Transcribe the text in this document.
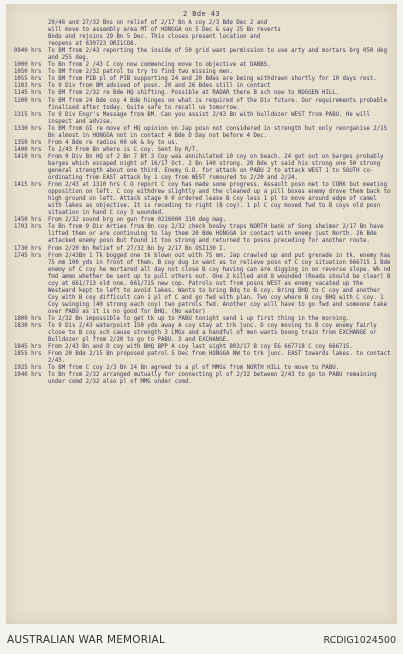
2 Bde 43
29/46 and 27/32 Bns on relief of 2/17 Bn A coy 2/3 Bde Dec 2 and
will move to assembly area MT of HONGGA on 5 Dec & say 25 Bn reverts
Bndo and rejoins 29 Bn 5 Dec. This closes present location and
reopens at 639723 ORI1CO8.
0940 hrs	To BM from 2/43 reporting the inside of 50 grid want permission to use arty and mortars brg 050 deg and 255 deg.
1000 hrs	To Bn from 2 /43 C coy now commencing move to objective at DANBS.
1050 hrs	To BM from 2/32 patrol to try to find two missing men.
1055 hrs	To BM from PIB pl of PIB supporting 24 and 20 Bdes are being withdrawn shortly for 10 days rest.
1103 hrs	To 9 Div from BM advised of posn. 20 and 26 Bdes still in contact
1145 hrs	To BM from 2/32 re Bde HQ shifting. Possible at RADAR there B sch now to NOGGEN HILL.
1200 hrs	To BM from 24 Bde coy 4 Bde hinges on what is required of the Div future. Our requirements probable finalised after today. Guite safe to recall us tomorrow.
1315 hrs	To 9 Div Engr's Message from BM. Can you assist 2/43 Bn with bulldozer WEST from PABU. He will inspect and advise.
1330 hrs	To BM from GI re move of HQ opinion on Jap posn not considered in strength but only reorganise 2/15 Bn almost in HONGGA not in contact 4 Bde D Day not before 4 Dec.
1350 hrs	From 4 Bde re radios 00 ok & by to us.
1400 hrs	To 2/43 From Bn where is C coy. Sent by R/T.
1410 hrs	From 9 Div Bn HQ of 2 Bn 7 Bt 3 Coy was annihilated 10 coy on beach. 24 got out on barges probably barges which escaped night of 16/17 Oct. 2 Bn 140 strong. 20 Bde yt said his strong one 50 strong general strength about one third. Enemy G.O. for attack on PABU 2 to attack WEST 1 to SOUTH co-ordinating from EAST attack by 1 coy from WEST rumoured to 2/20 and 2/24.
1415 hrs	From 2/43 at 1310 hrs C O report C coy has made some progress. Assault posn met to CORK but meeting opposition on left. C coy withdrew slightly and the cleaned up a pill boxes enemy drove them back to high ground on left. Attack stage 0 0 ordered lease B Coy less 1 pl to move around edge of camel with lakes as objective. It is receding to right (B coy). 1 pl C coy moved fwd to B coys old posn situation in hand C coy 3 wounded.
1450 hrs	From 2/32 sound brg on gun from 0216000 310 deg mag.
1703 hrs	To Bn from 9 Div Arties from Bn coy 2/32 check booby traps NORTH bank of Song sheimer 2/17 Bn have lifted them or are continuing to lay them 20 Bde HONGGA in contact with enemy just North. 26 Bde attacked enemy posn But found it too strong and returned to posns preceding for another route.
1730 hrs	From 2/20 Bn Relief of 27/32 Bn by 2/17 Bn OSI130 I.
1745 hrs	From 2/43Bn 1 Tk bogged one tk blown out with 75 mm. Jap crawled up and put grenade in tk. enemy has 75 mm 100 yds in front of them. B coy dug in want as to relieve posn of C coy situation 666715 1 Bde enemy of C coy he mortared all day not close B coy having can are digging in on reverse slope. Wk nd fmd ammo whether be sent up to pull others out. One 2 killed and 8 wounded (Roads should be clear) B coy at 661/713 old one. 661/715 new cop. Patrols out from posns WEST as enemy vacated up the Westward kept to left to avoid lakes. Wants to bring Bdq to B coy. Bring BHQ to C coy and another Coy with B coy difficult can 1 pl of C and go fwd with plan. Two coy where B coy BHQ with C coy. 1 Coy swinging (40 strong each coy) two patrols fwd. Another coy will have to go fwd and someone take over PABU as it is no good for BHQ. (No water)
1800 hrs	To 2/32 Bn impossible to get tk up to PABU tonight send 1 up first thing in the morning.
1830 hrs	To 9 Div 2/43 waterpoint 150 yds away A coy stay at trk junc. D coy moving to B coy enemy fairly close to B coy sch cause strength 3 LMGs and a handful of men wants boong train from EXCHANGE or Bulldozer pl from 2/20 to go to PABU. 3 and EXCHANGE.
1845 hrs	From 2/43 Bn and D coy with BHQ BPP A coy last sight 803/17 B coy E& 667718 C coy 666715.
1855 hrs	From 20 Bde 2/15 Bn proposed patrol 5 Dec from HONGGA NW to trk junc. EAST towards lakes. to contact 2/43.
1925 hrs	To BM from C coy 2/3 Bn 24 Bn agreed to a pl of MMGs from NORTH HILL to move to PABU.
1940 hrs	To Bn from 2/32 arranged mutually for connecting pl of 2/32 between 2/43 to go to PABU remaining under comd 2/32 also pl of MMG under comd.
AUSTRALIAN WAR MEMORIAL	RCDIG1024500
